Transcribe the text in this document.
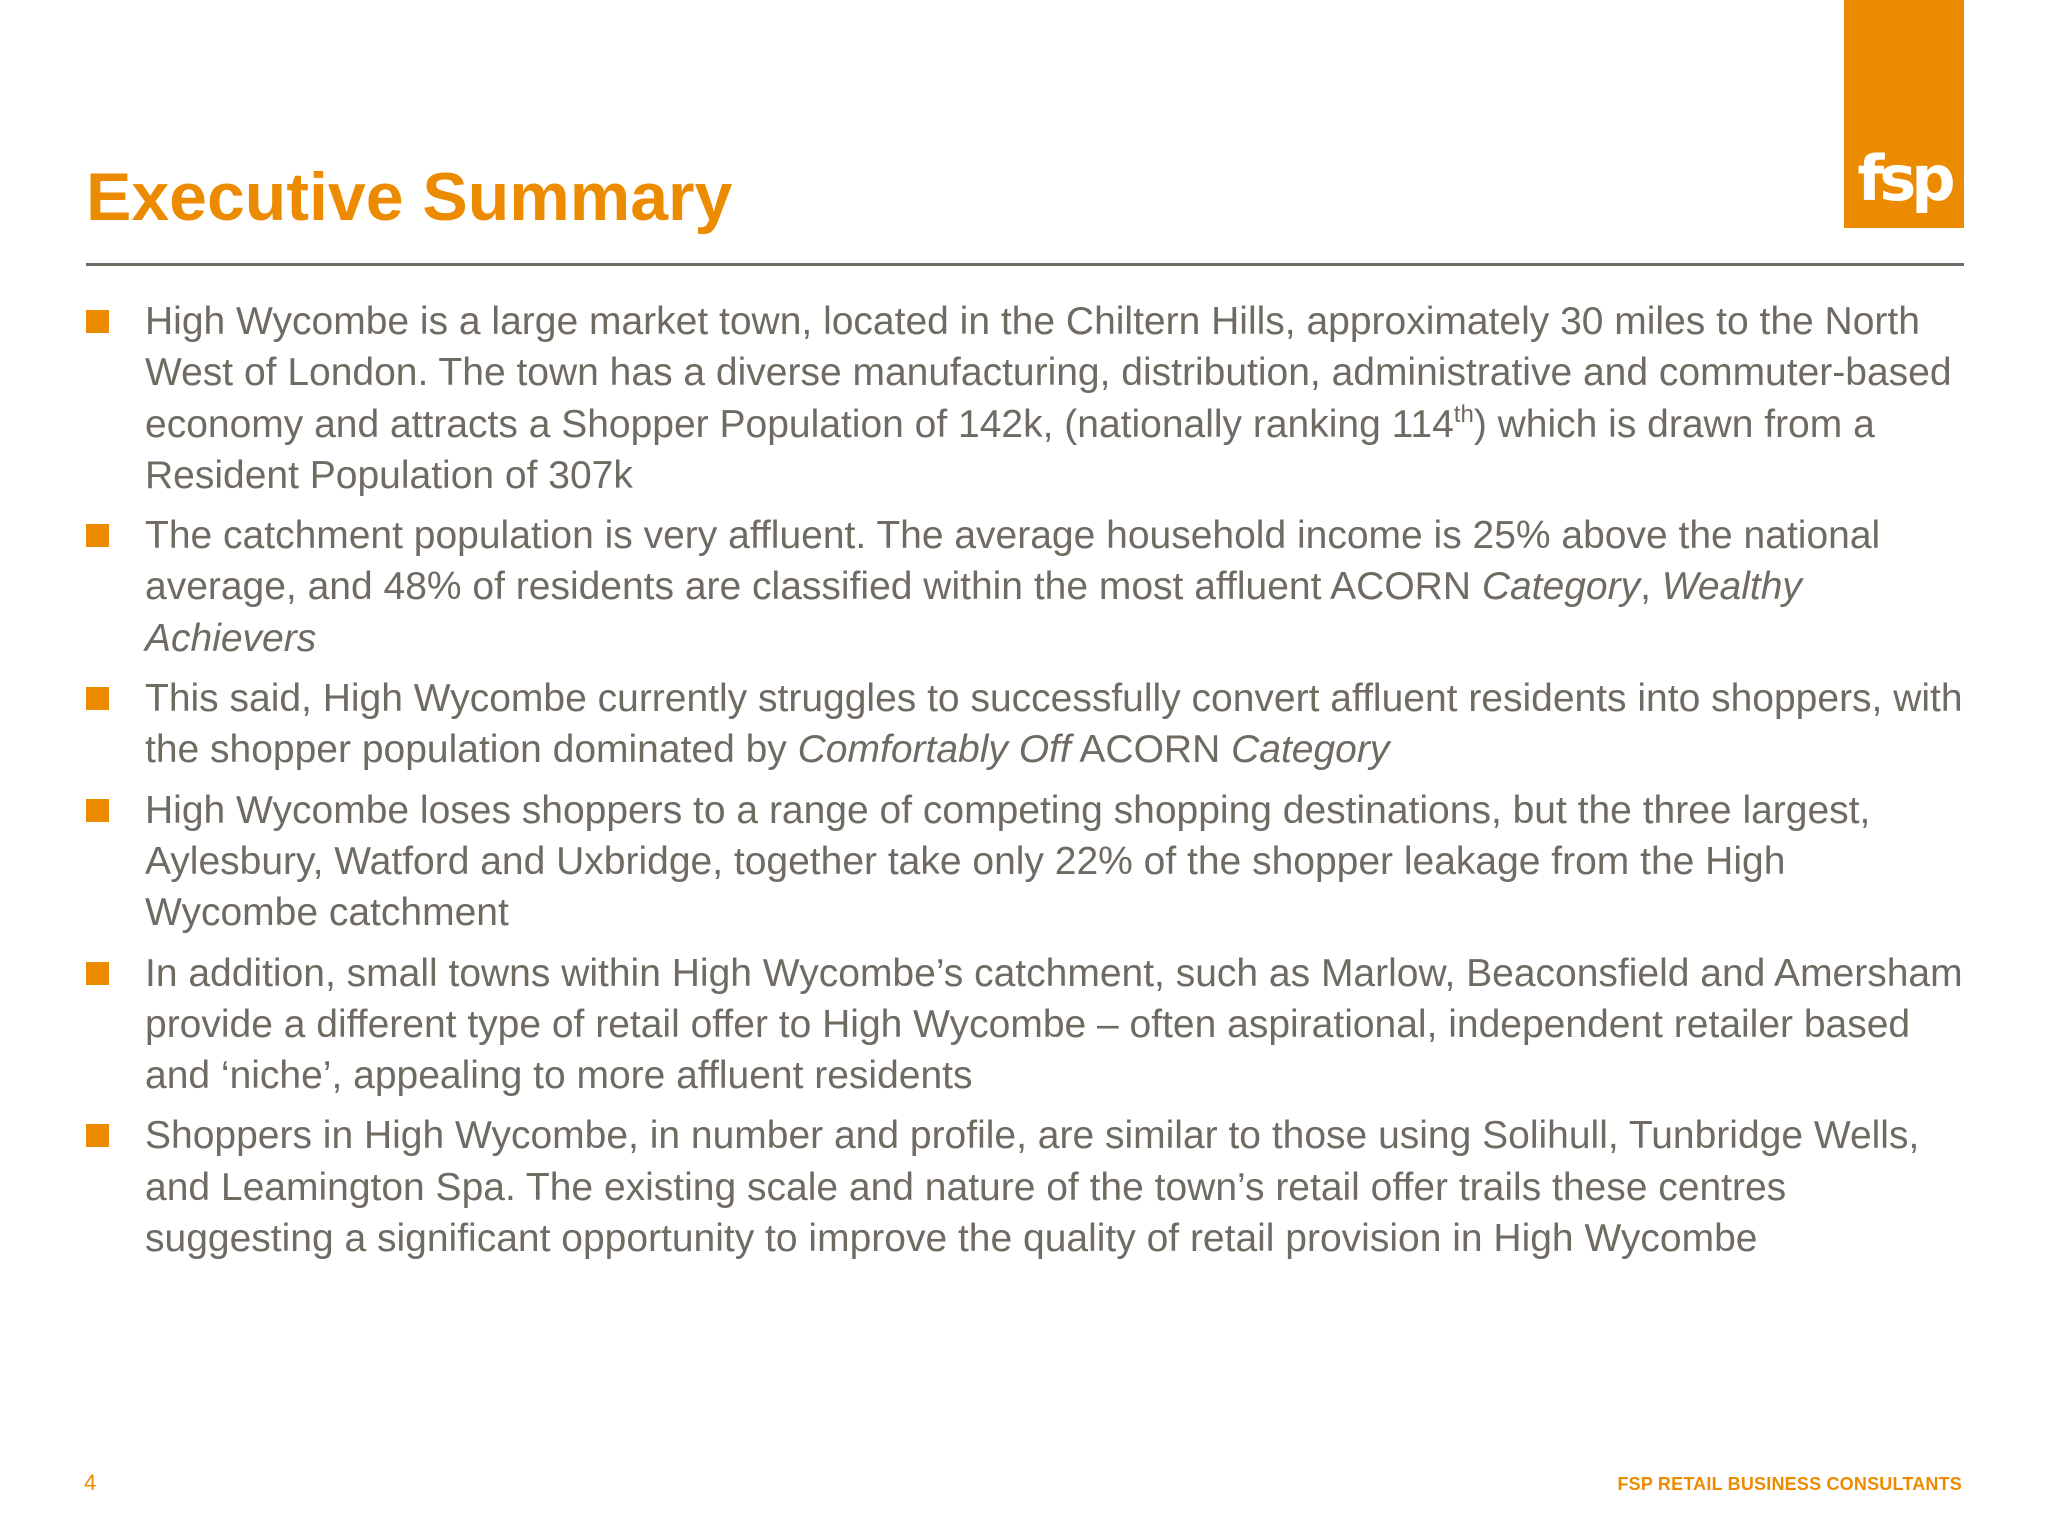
fsp
Executive Summary
High Wycombe is a large market town, located in the Chiltern Hills, approximately 30 miles to the North West of London. The town has a diverse manufacturing, distribution, administrative and commuter-based economy and attracts a Shopper Population of 142k, (nationally ranking 114th) which is drawn from a Resident Population of 307k
The catchment population is very affluent. The average household income is 25% above the national average, and 48% of residents are classified within the most affluent ACORN Category, Wealthy Achievers
This said, High Wycombe currently struggles to successfully convert affluent residents into shoppers, with the shopper population dominated by Comfortably Off ACORN Category
High Wycombe loses shoppers to a range of competing shopping destinations, but the three largest, Aylesbury, Watford and Uxbridge, together take only 22% of the shopper leakage from the High Wycombe catchment
In addition, small towns within High Wycombe’s catchment, such as Marlow, Beaconsfield and Amersham provide a different type of retail offer to High Wycombe – often aspirational, independent retailer based and ‘niche’, appealing to more affluent residents
Shoppers in High Wycombe, in number and profile, are similar to those using Solihull, Tunbridge Wells, and Leamington Spa. The existing scale and nature of the town’s retail offer trails these centres suggesting a significant opportunity to improve the quality of retail provision in High Wycombe
4	FSP RETAIL BUSINESS CONSULTANTS
